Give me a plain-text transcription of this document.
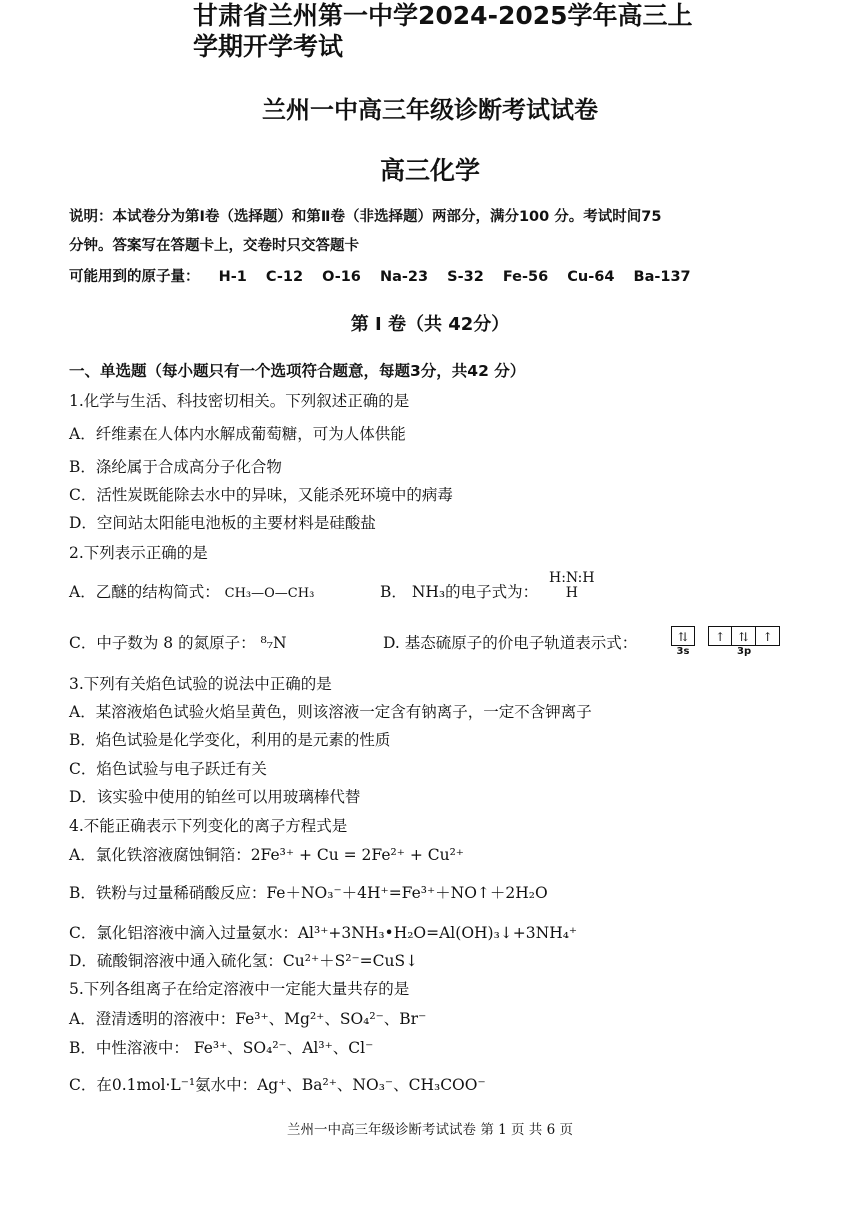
甘肃省兰州第一中学2024-2025学年高三上
学期开学考试
兰州一中高三年级诊断考试试卷
高三化学
说明：本试卷分为第Ⅰ卷（选择题）和第Ⅱ卷（非选择题）两部分，满分100 分。考试时间75
分钟。答案写在答题卡上，交卷时只交答题卡
可能用到的原子量： H-1 C-12 O-16 Na-23 S-32 Fe-56 Cu-64 Ba-137
第 I 卷（共 42分）
一、单选题（每小题只有一个选项符合题意，每题3分，共42 分）
1.化学与生活、科技密切相关。下列叙述正确的是
A．纤维素在人体内水解成葡萄糖，可为人体供能
B．涤纶属于合成高分子化合物
C．活性炭既能除去水中的异味，又能杀死环境中的病毒
D．空间站太阳能电池板的主要材料是硅酸盐
2.下列表示正确的是
A．乙醚的结构简式： CH₃—O—CH₃	B． NH₃的电子式为：
H:N:H
H
C．中子数为 8 的氮原子： ⁸₇N	D. 基态硫原子的价电子轨道表示式：	⇅
3s
↑ ⇅ ↑
3p
3.下列有关焰色试验的说法中正确的是
A．某溶液焰色试验火焰呈黄色，则该溶液一定含有钠离子，一定不含钾离子
B．焰色试验是化学变化，利用的是元素的性质
C．焰色试验与电子跃迁有关
D．该实验中使用的铂丝可以用玻璃棒代替
4.不能正确表示下列变化的离子方程式是
A．氯化铁溶液腐蚀铜箔：2Fe³⁺ + Cu = 2Fe²⁺ + Cu²⁺
B．铁粉与过量稀硝酸反应：Fe＋NO₃⁻＋4H⁺=Fe³⁺＋NO↑＋2H₂O
C．氯化铝溶液中滴入过量氨水：Al³⁺+3NH₃•H₂O=Al(OH)₃↓+3NH₄⁺
D．硫酸铜溶液中通入硫化氢：Cu²⁺＋S²⁻=CuS↓
5.下列各组离子在给定溶液中一定能大量共存的是
A．澄清透明的溶液中：Fe³⁺、Mg²⁺、SO₄²⁻、Br⁻
B．中性溶液中： Fe³⁺、SO₄²⁻、Al³⁺、Cl⁻
C．在0.1mol·L⁻¹氨水中：Ag⁺、Ba²⁺、NO₃⁻、CH₃COO⁻
兰州一中高三年级诊断考试试卷 第 1 页 共 6 页
